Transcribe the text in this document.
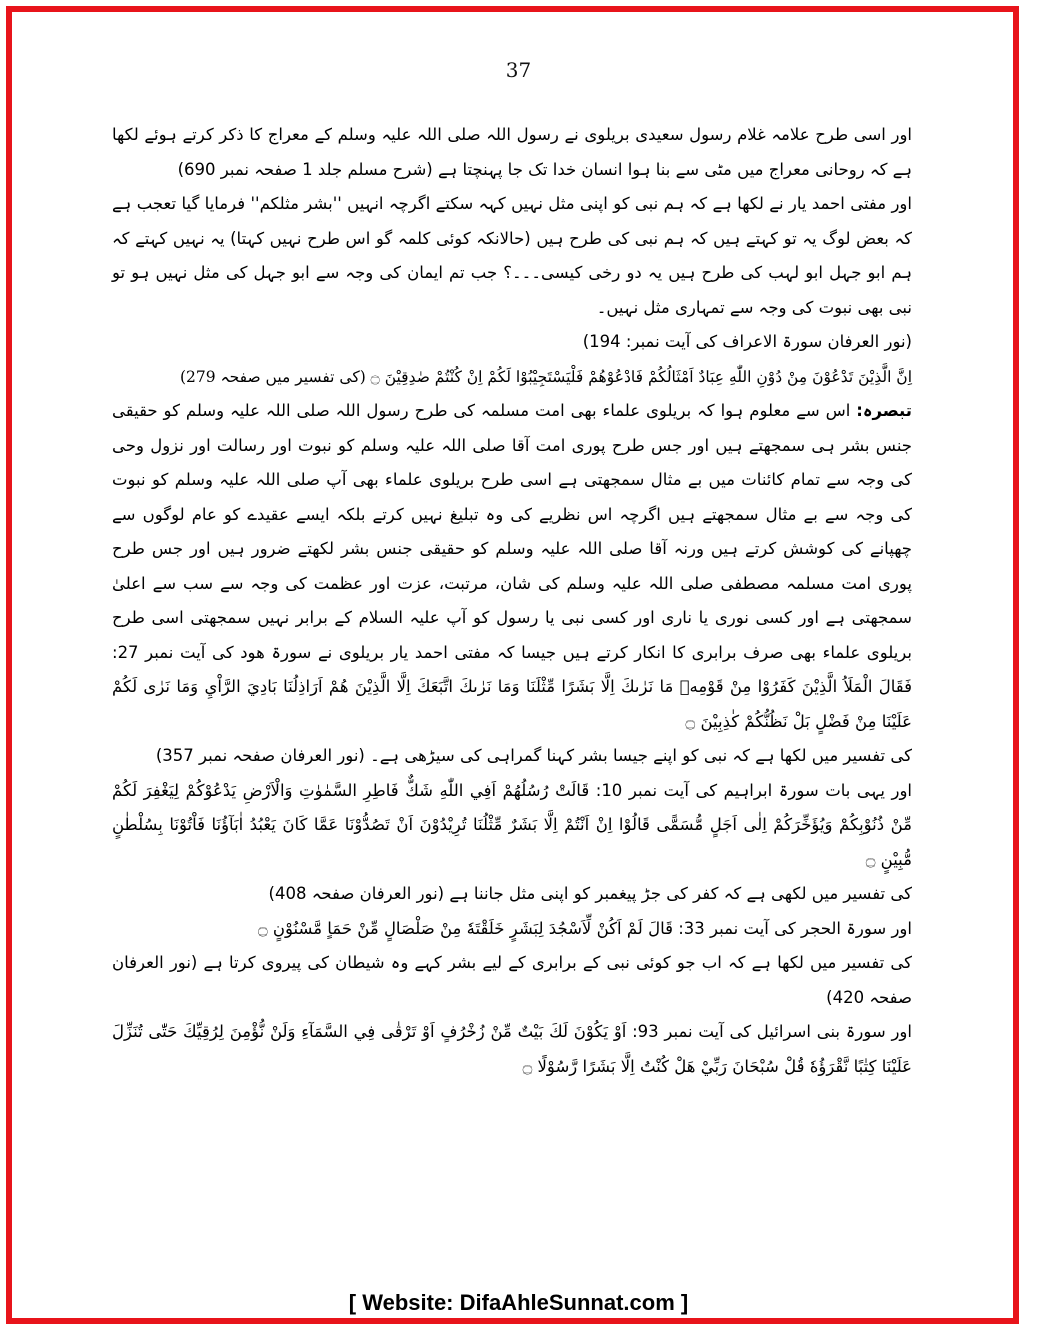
37

اور اسی طرح علامہ غلام رسول سعیدی بریلوی نے رسول اللہ صلی اللہ علیہ وسلم کے معراج کا ذکر کرتے ہوئے لکھا ہے کہ روحانی معراج میں مٹی سے بنا ہوا انسان خدا تک جا پہنچتا ہے (شرح مسلم جلد 1 صفحہ نمبر 690)

اور مفتی احمد یار نے لکھا ہے کہ ہم نبی کو اپنی مثل نہیں کہہ سکتے اگرچہ انہیں ''بشر مثلکم'' فرمایا گیا تعجب ہے کہ بعض لوگ یہ تو کہتے ہیں کہ ہم نبی کی طرح ہیں (حالانکہ کوئی کلمہ گو اس طرح نہیں کہتا) یہ نہیں کہتے کہ ہم ابو جہل ابو لہب کی طرح ہیں یہ دو رخی کیسی۔۔۔؟ جب تم ایمان کی وجہ سے ابو جہل کی مثل نہیں ہو تو نبی بھی نبوت کی وجہ سے تمہاری مثل نہیں۔

(نور العرفان سورۃ الاعراف کی آیت نمبر: 194)

اِنَّ الَّذِيْنَ تَدْعُوْنَ مِنْ دُوْنِ اللّٰهِ عِبَادٌ اَمْثَالُكُمْ فَادْعُوْهُمْ فَلْيَسْتَجِيْبُوْا لَكُمْ اِنْ كُنْتُمْ صٰدِقِيْنَ ۝ (کی تفسیر میں صفحہ 279)

تبصرہ: اس سے معلوم ہوا کہ بریلوی علماء بھی امت مسلمہ کی طرح رسول اللہ صلی اللہ علیہ وسلم کو حقیقی جنس بشر ہی سمجھتے ہیں اور جس طرح پوری امت آقا صلی اللہ علیہ وسلم کو نبوت اور رسالت اور نزول وحی کی وجہ سے تمام کائنات میں بے مثال سمجھتی ہے اسی طرح بریلوی علماء بھی آپ صلی اللہ علیہ وسلم کو نبوت کی وجہ سے بے مثال سمجھتے ہیں اگرچہ اس نظریے کی وہ تبلیغ نہیں کرتے بلکہ ایسے عقیدے کو عام لوگوں سے چھپانے کی کوشش کرتے ہیں ورنہ آقا صلی اللہ علیہ وسلم کو حقیقی جنس بشر لکھتے ضرور ہیں اور جس طرح پوری امت مسلمہ مصطفی صلی اللہ علیہ وسلم کی شان، مرتبت، عزت اور عظمت کی وجہ سے سب سے اعلیٰ سمجھتی ہے اور کسی نوری یا ناری اور کسی نبی یا رسول کو آپ علیہ السلام کے برابر نہیں سمجھتی اسی طرح بریلوی علماء بھی صرف برابری کا انکار کرتے ہیں جیسا کہ مفتی احمد یار بریلوی نے سورۃ ھود کی آیت نمبر 27: فَقَالَ الْمَلَاُ الَّذِيْنَ كَفَرُوْا مِنْ قَوْمِهٖ مَا نَرٰىكَ اِلَّا بَشَرًا مِّثْلَنَا وَمَا نَرٰىكَ اتَّبَعَكَ اِلَّا الَّذِيْنَ هُمْ اَرَاذِلُنَا بَادِيَ الرَّاْيِ وَمَا نَرٰى لَكُمْ عَلَيْنَا مِنْ فَضْلٍ بَلْ نَظُنُّكُمْ كٰذِبِيْنَ ۝

کی تفسیر میں لکھا ہے کہ نبی کو اپنے جیسا بشر کہنا گمراہی کی سیڑھی ہے۔ (نور العرفان صفحہ نمبر 357)

اور یہی بات سورۃ ابراہیم کی آیت نمبر 10: قَالَتْ رُسُلُهُمْ اَفِي اللّٰهِ شَكٌّ فَاطِرِ السَّمٰوٰتِ وَالْاَرْضِ يَدْعُوْكُمْ لِيَغْفِرَ لَكُمْ مِّنْ ذُنُوْبِكُمْ وَيُؤَخِّرَكُمْ اِلٰى اَجَلٍ مُّسَمًّى قَالُوْا اِنْ اَنْتُمْ اِلَّا بَشَرٌ مِّثْلُنَا تُرِيْدُوْنَ اَنْ تَصُدُّوْنَا عَمَّا كَانَ يَعْبُدُ اٰبَآؤُنَا فَاْتُوْنَا بِسُلْطٰنٍ مُّبِيْنٍ ۝

کی تفسیر میں لکھی ہے کہ کفر کی جڑ پیغمبر کو اپنی مثل جاننا ہے (نور العرفان صفحہ 408)

اور سورۃ الحجر کی آیت نمبر 33: قَالَ لَمْ اَكُنْ لِّاَسْجُدَ لِبَشَرٍ خَلَقْتَهٗ مِنْ صَلْصَالٍ مِّنْ حَمَاٍ مَّسْنُوْنٍ ۝

کی تفسیر میں لکھا ہے کہ اب جو کوئی نبی کے برابری کے لیے بشر کہے وہ شیطان کی پیروی کرتا ہے (نور العرفان صفحہ 420)

اور سورۃ بنی اسرائیل کی آیت نمبر 93: اَوْ يَكُوْنَ لَكَ بَيْتٌ مِّنْ زُخْرُفٍ اَوْ تَرْقٰى فِي السَّمَآءِ وَلَنْ نُّؤْمِنَ لِرُقِيِّكَ حَتّٰى تُنَزِّلَ عَلَيْنَا كِتٰبًا نَّقْرَؤُهٗ قُلْ سُبْحَانَ رَبِّيْ هَلْ كُنْتُ اِلَّا بَشَرًا رَّسُوْلًا ۝

[ Website: DifaAhleSunnat.com ]
